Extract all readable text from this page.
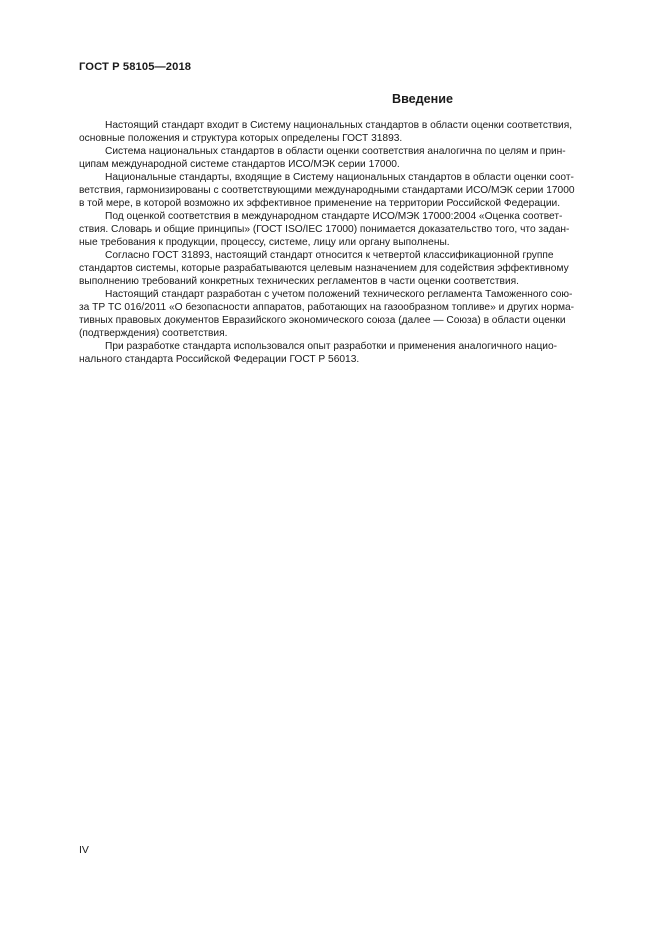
ГОСТ Р 58105—2018
Введение
Настоящий стандарт входит в Систему национальных стандартов в области оценки соответствия,
основные положения и структура которых определены ГОСТ 31893.
Система национальных стандартов в области оценки соответствия аналогична по целям и прин-
ципам международной системе стандартов ИСО/МЭК серии 17000.
Национальные стандарты, входящие в Систему национальных стандартов в области оценки соот-
ветствия, гармонизированы с соответствующими международными стандартами ИСО/МЭК серии 17000
в той мере, в которой возможно их эффективное применение на территории Российской Федерации.
Под оценкой соответствия в международном стандарте ИСО/МЭК 17000:2004 «Оценка соответ-
ствия. Словарь и общие принципы» (ГОСТ ISO/IEC 17000) понимается доказательство того, что задан-
ные требования к продукции, процессу, системе, лицу или органу выполнены.
Согласно ГОСТ 31893, настоящий стандарт относится к четвертой классификационной группе
стандартов системы, которые разрабатываются целевым назначением для содействия эффективному
выполнению требований конкретных технических регламентов в части оценки соответствия.
Настоящий стандарт разработан с учетом положений технического регламента Таможенного сою-
за ТР ТС 016/2011 «О безопасности аппаратов, работающих на газообразном топливе» и других норма-
тивных правовых документов Евразийского экономического союза (далее — Союза) в области оценки
(подтверждения) соответствия.
При разработке стандарта использовался опыт разработки и применения аналогичного нацио-
нального стандарта Российской Федерации ГОСТ Р 56013.
IV
